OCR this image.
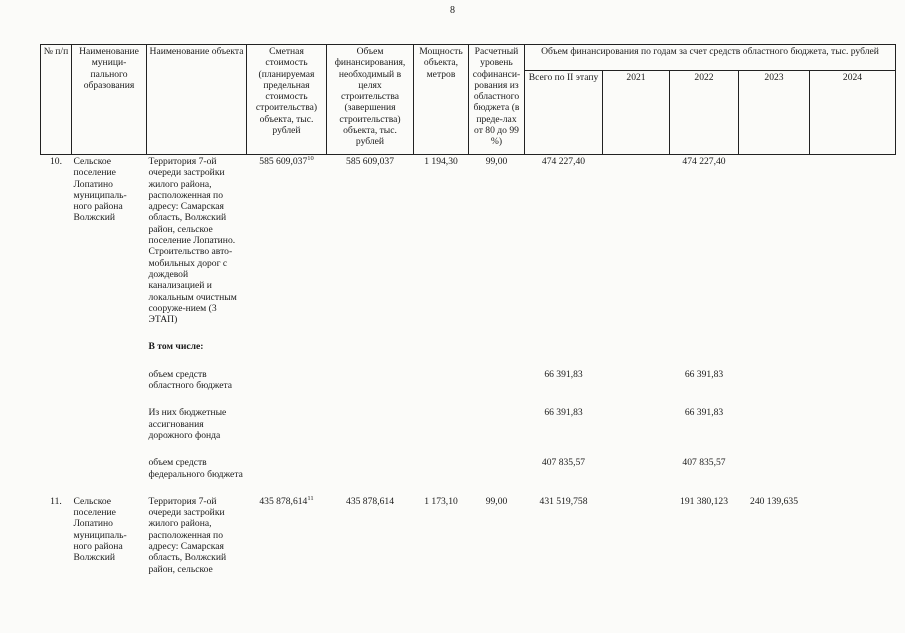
8
№ п/п	Наименование муници-пального образования	Наименование объекта	Сметная стоимость (планируемая предельная стоимость строительства) объекта, тыс. рублей	Объем финансирования, необходимый в целях строительства (завершения строительства) объекта, тыс. рублей	Мощность объекта, метров	Расчетный уровень софинанси-рования из областного бюджета (в преде-лах от 80 до 99 %)	Объем финансирования по годам за счет средств областного бюджета, тыс. рублей				
							Всего по II этапу	2021	2022	2023	2024
10.	Сельское поселение Лопатино муниципаль-ного района Волжский	Территория 7-ой очереди застройки жилого района, расположенная по адресу: Самарская область, Волжский район, сельское поселение Лопатино. Строительство авто-мобильных дорог с дождевой канализацией и локальным очистным сооруже-нием (3 ЭТАП)	585 609,037$^{10}$	585 609,037	1 194,30	99,00	474 227,40		474 227,40		

		В том числе:									

		объем средств областного бюджета					66 391,83		66 391,83		

		Из них бюджетные ассигнования дорожного фонда					66 391,83		66 391,83		

		объем средств федерального бюджета					407 835,57		407 835,57		

11.	Сельское поселение Лопатино муниципаль-ного района Волжский	Территория 7-ой очереди застройки жилого района, расположенная по адресу: Самарская область, Волжский район, сельское	435 878,614$^{11}$	435 878,614	1 173,10	99,00	431 519,758		191 380,123	240 139,635	
